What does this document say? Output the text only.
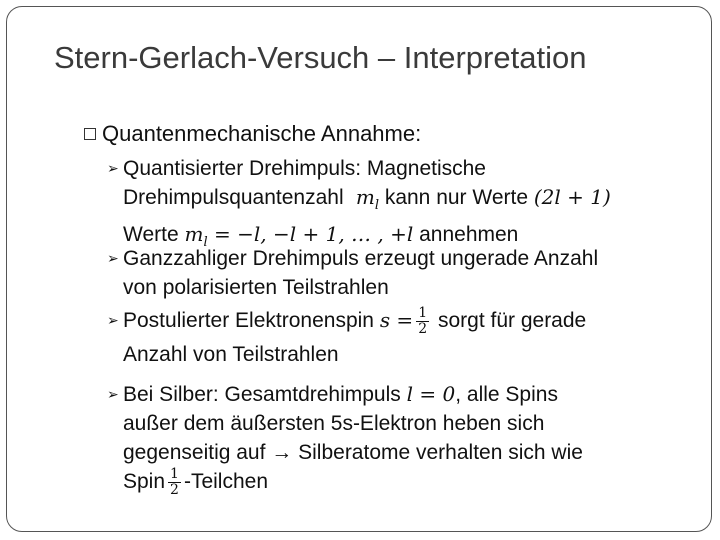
Stern-Gerlach-Versuch – Interpretation
Quantenmechanische Annahme:
➢ Quantisierter Drehimpuls: Magnetische
Drehimpulsquantenzahl  $m_l$ kann nur Werte (2l + 1)
Werte $m_l = -l$, −l + 1, … , +l annehmen
➢ Ganzzahliger Drehimpuls erzeugt ungerade Anzahl
von polarisierten Teilstrahlen
➢ Postulierter Elektronenspin $s = \frac{1}{2}$ sorgt für gerade
Anzahl von Teilstrahlen
➢ Bei Silber: Gesamtdrehimpuls l = 0, alle Spins
außer dem äußersten 5s-Elektron heben sich
gegenseitig auf → Silberatome verhalten sich wie
Spin $\frac{1}{2}$ -Teilchen
